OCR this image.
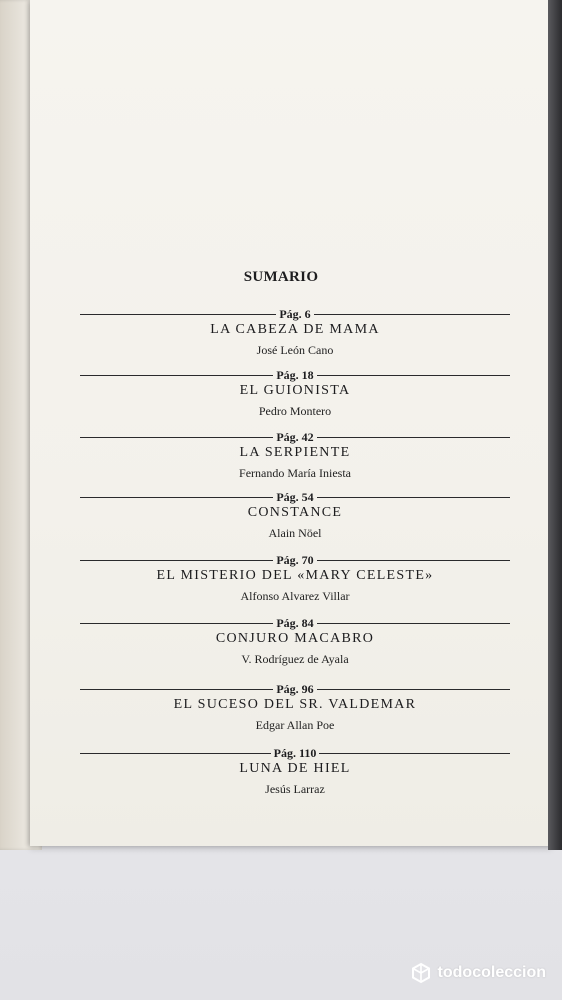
SUMARIO
Pág. 6
LA CABEZA DE MAMA
José León Cano
Pág. 18
EL GUIONISTA
Pedro Montero
Pág. 42
LA SERPIENTE
Fernando María Iniesta
Pág. 54
CONSTANCE
Alain Nöel
Pág. 70
EL MISTERIO DEL «MARY CELESTE»
Alfonso Alvarez Villar
Pág. 84
CONJURO MACABRO
V. Rodríguez de Ayala
Pág. 96
EL SUCESO DEL SR. VALDEMAR
Edgar Allan Poe
Pág. 110
LUNA DE HIEL
Jesús Larraz
todocoleccion
